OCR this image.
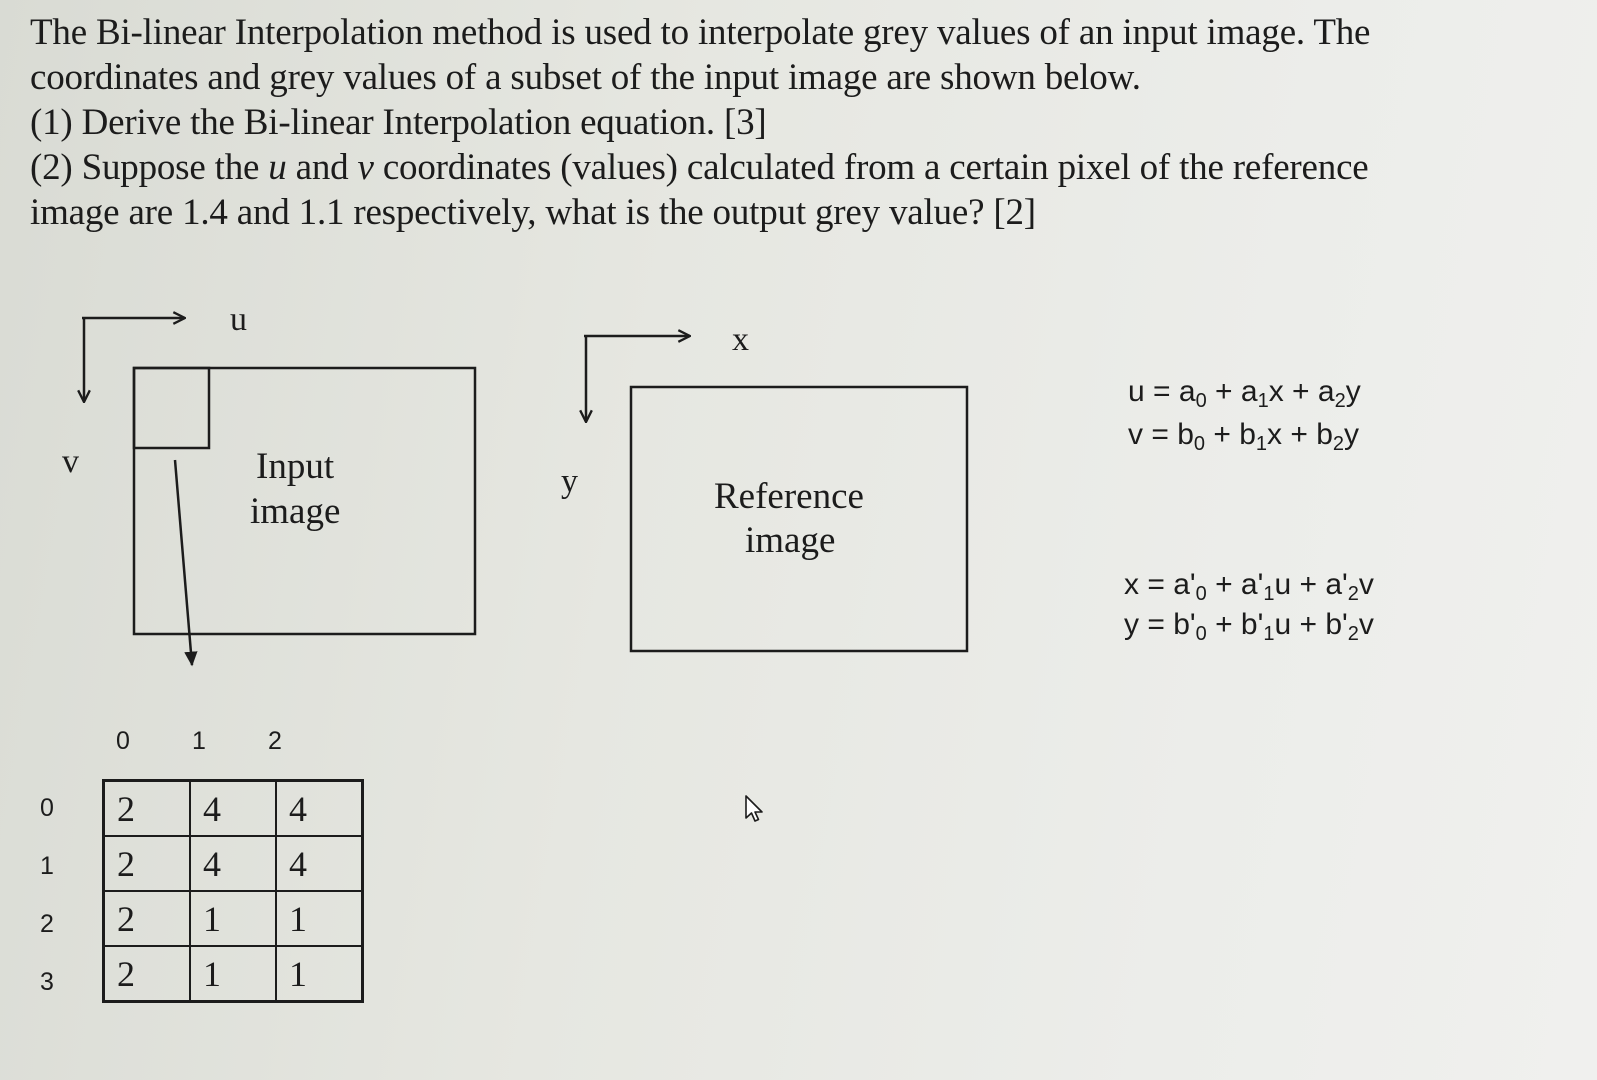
The Bi-linear Interpolation method is used to interpolate grey values of an input image. The
coordinates and grey values of a subset of the input image are shown below.
(1) Derive the Bi-linear Interpolation equation. [3]
(2) Suppose the u and v coordinates (values) calculated from a certain pixel of the reference
image are 1.4 and 1.1 respectively, what is the output grey value? [2]
u
v	Input
image
x
y	Reference
image
$u = a_0 + a_1x + a_2y$
$v = b_0 + b_1x + b_2y$
$x = a'_0 + a'_1u + a'_2v$
$y = b'_0 + b'_1u + b'_2v$
0 1 2
0
1
2
3
2	4	4
2	4	4
2	1	1
2	1	1
